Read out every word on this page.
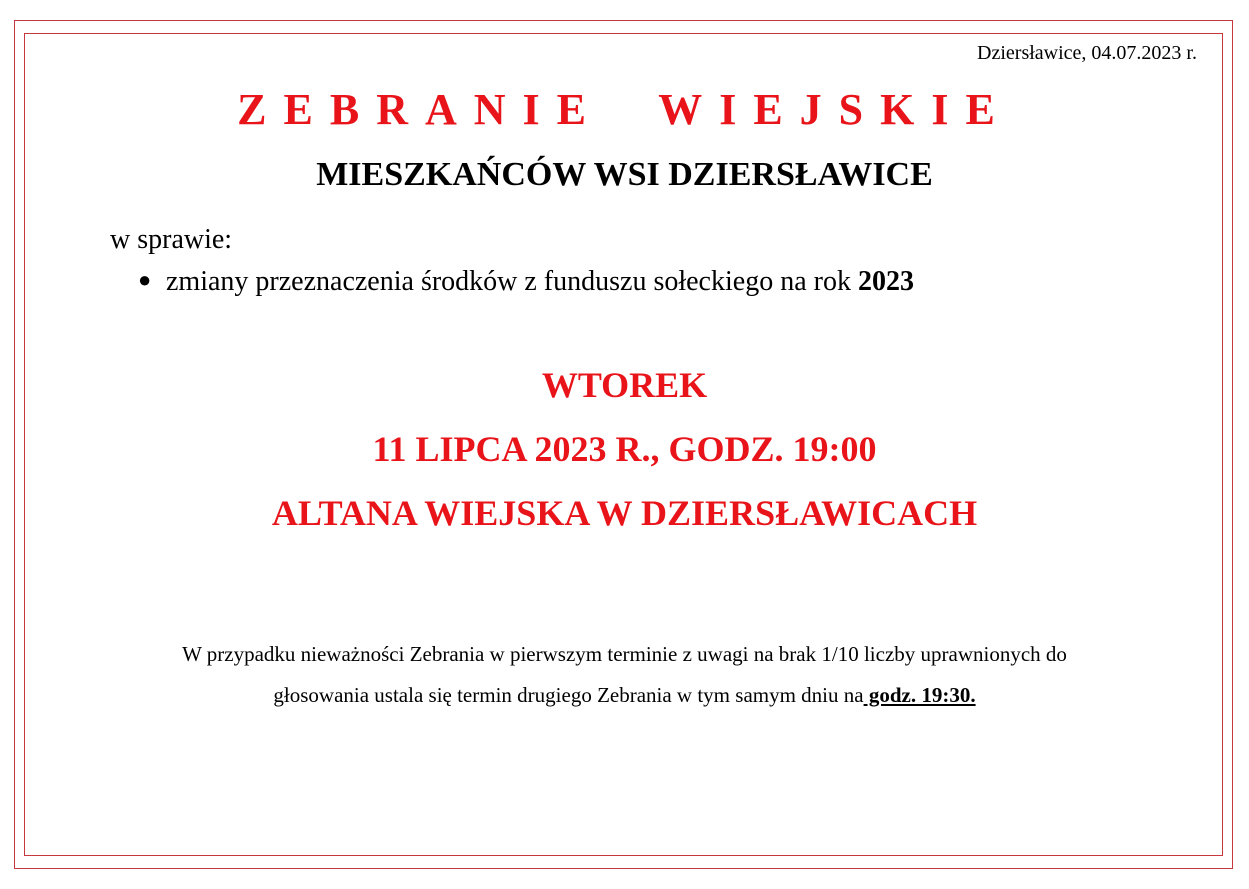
Dziersławice, 04.07.2023 r.
ZEBRANIE  WIEJSKIE
MIESZKAŃCÓW WSI DZIERSŁAWICE
w sprawie:
● zmiany przeznaczenia środków z funduszu sołeckiego na rok 2023
WTOREK
11 LIPCA 2023 R., GODZ. 19:00
ALTANA WIEJSKA W DZIERSŁAWICACH
W przypadku nieważności Zebrania w pierwszym terminie z uwagi na brak 1/10 liczby uprawnionych do
głosowania ustala się termin drugiego Zebrania w tym samym dniu na godz. 19:30.
